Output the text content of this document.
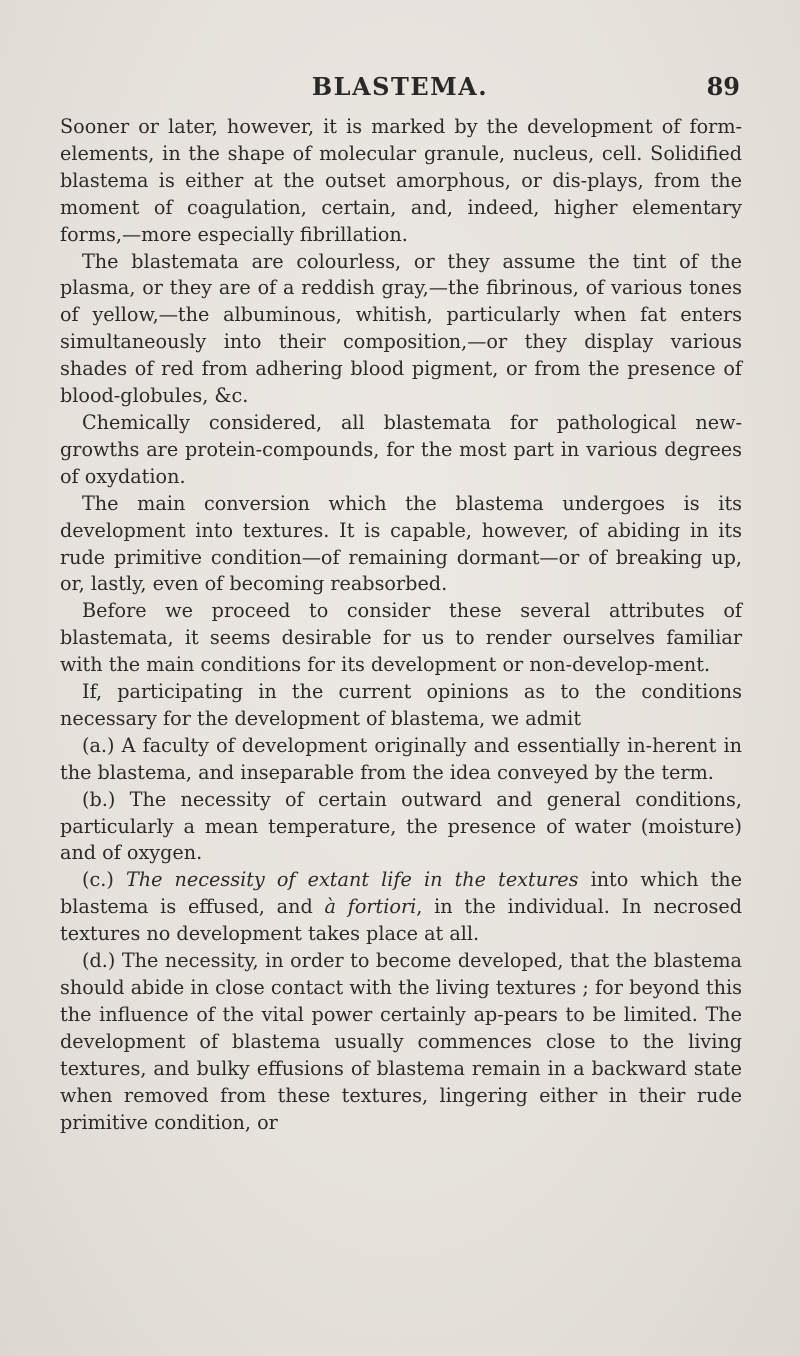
BLASTEMA.	89

Sooner or later, however, it is marked by the development of form-elements, in the shape of molecular granule, nucleus, cell. Solidified blastema is either at the outset amorphous, or dis-plays, from the moment of coagulation, certain, and, indeed, higher elementary forms,—more especially fibrillation.

The blastemata are colourless, or they assume the tint of the plasma, or they are of a reddish gray,—the fibrinous, of various tones of yellow,—the albuminous, whitish, particularly when fat enters simultaneously into their composition,—or they display various shades of red from adhering blood pigment, or from the presence of blood-globules, &c.

Chemically considered, all blastemata for pathological new-growths are protein-compounds, for the most part in various degrees of oxydation.

The main conversion which the blastema undergoes is its development into textures. It is capable, however, of abiding in its rude primitive condition—of remaining dormant—or of breaking up, or, lastly, even of becoming reabsorbed.

Before we proceed to consider these several attributes of blastemata, it seems desirable for us to render ourselves familiar with the main conditions for its development or non-develop-ment.

If, participating in the current opinions as to the conditions necessary for the development of blastema, we admit

(a.) A faculty of development originally and essentially in-herent in the blastema, and inseparable from the idea conveyed by the term.

(b.) The necessity of certain outward and general conditions, particularly a mean temperature, the presence of water (moisture) and of oxygen.

(c.) The necessity of extant life in the textures into which the blastema is effused, and à fortiori, in the individual. In necrosed textures no development takes place at all.

(d.) The necessity, in order to become developed, that the blastema should abide in close contact with the living textures ; for beyond this the influence of the vital power certainly ap-pears to be limited. The development of blastema usually commences close to the living textures, and bulky effusions of blastema remain in a backward state when removed from these textures, lingering either in their rude primitive condition, or
